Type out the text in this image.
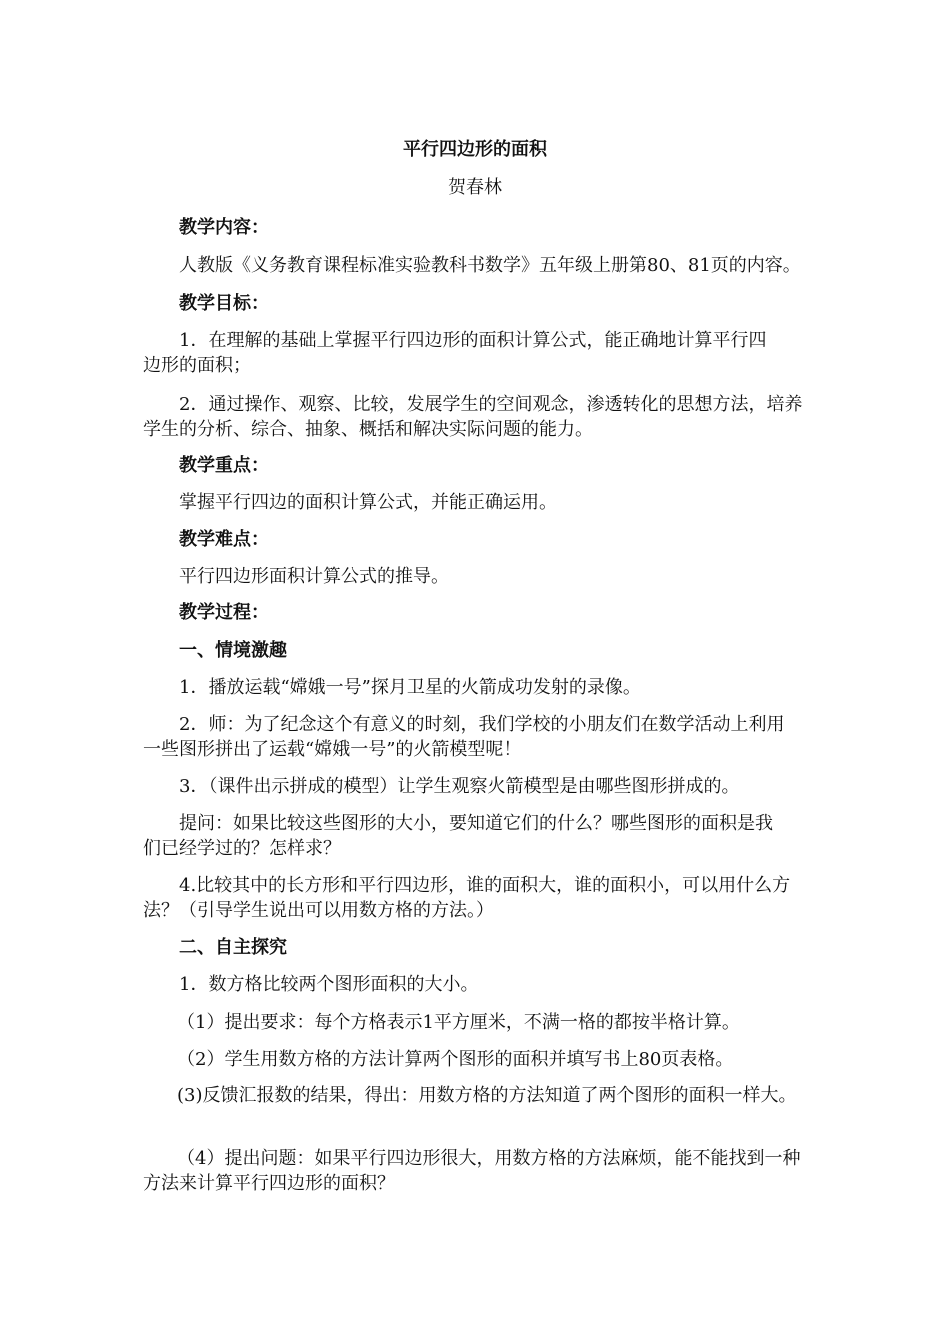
平行四边形的面积
贺春林
教学内容：
人教版《义务教育课程标准实验教科书数学》五年级上册第80、81页的内容。
教学目标：
1．在理解的基础上掌握平行四边形的面积计算公式，能正确地计算平行四
边形的面积；
2．通过操作、观察、比较，发展学生的空间观念，渗透转化的思想方法，培养
学生的分析、综合、抽象、概括和解决实际问题的能力。
教学重点：
掌握平行四边的面积计算公式，并能正确运用。
教学难点：
平行四边形面积计算公式的推导。
教学过程：
一、情境激趣
1．播放运载“嫦娥一号”探月卫星的火箭成功发射的录像。
2．师：为了纪念这个有意义的时刻，我们学校的小朋友们在数学活动上利用
一些图形拼出了运载“嫦娥一号”的火箭模型呢！
3．（课件出示拼成的模型）让学生观察火箭模型是由哪些图形拼成的。
提问：如果比较这些图形的大小，要知道它们的什么？哪些图形的面积是我
们已经学过的？怎样求？
4.比较其中的长方形和平行四边形，谁的面积大，谁的面积小，可以用什么方
法？（引导学生说出可以用数方格的方法。）
二、自主探究
1．数方格比较两个图形面积的大小。
（1）提出要求：每个方格表示1平方厘米，不满一格的都按半格计算。
（2）学生用数方格的方法计算两个图形的面积并填写书上80页表格。
(3)反馈汇报数的结果，得出：用数方格的方法知道了两个图形的面积一样大。
（4）提出问题：如果平行四边形很大，用数方格的方法麻烦，能不能找到一种
方法来计算平行四边形的面积？
